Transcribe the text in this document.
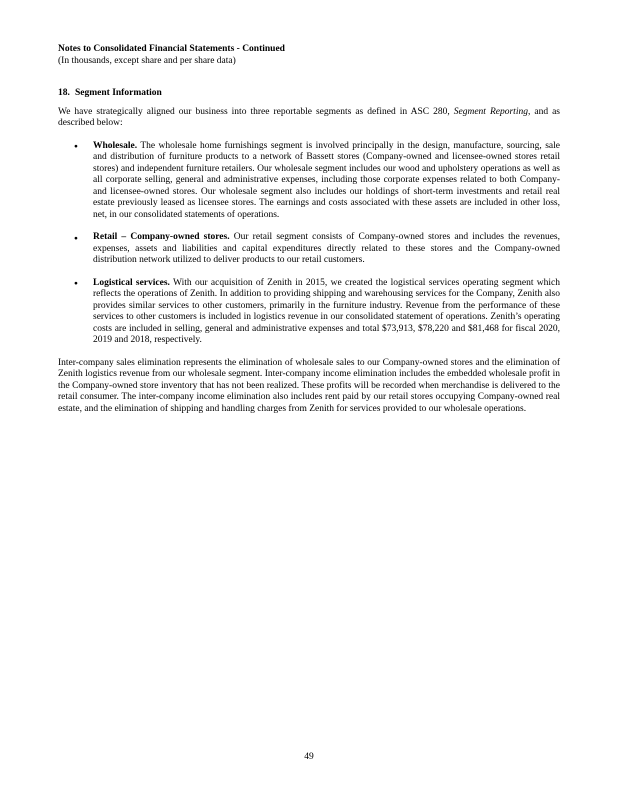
Notes to Consolidated Financial Statements - Continued
(In thousands, except share and per share data)
18. Segment Information

We have strategically aligned our business into three reportable segments as defined in ASC 280, Segment Reporting, and as described below:

● Wholesale. The wholesale home furnishings segment is involved principally in the design, manufacture, sourcing, sale and distribution of furniture products to a network of Bassett stores (Company-owned and licensee-owned stores retail stores) and independent furniture retailers. Our wholesale segment includes our wood and upholstery operations as well as all corporate selling, general and administrative expenses, including those corporate expenses related to both Company- and licensee-owned stores. Our wholesale segment also includes our holdings of short-term investments and retail real estate previously leased as licensee stores. The earnings and costs associated with these assets are included in other loss, net, in our consolidated statements of operations.
● Retail – Company-owned stores. Our retail segment consists of Company-owned stores and includes the revenues, expenses, assets and liabilities and capital expenditures directly related to these stores and the Company-owned distribution network utilized to deliver products to our retail customers.
● Logistical services. With our acquisition of Zenith in 2015, we created the logistical services operating segment which reflects the operations of Zenith. In addition to providing shipping and warehousing services for the Company, Zenith also provides similar services to other customers, primarily in the furniture industry. Revenue from the performance of these services to other customers is included in logistics revenue in our consolidated statement of operations. Zenith’s operating costs are included in selling, general and administrative expenses and total $73,913, $78,220 and $81,468 for fiscal 2020, 2019 and 2018, respectively.

Inter-company sales elimination represents the elimination of wholesale sales to our Company-owned stores and the elimination of Zenith logistics revenue from our wholesale segment. Inter-company income elimination includes the embedded wholesale profit in the Company-owned store inventory that has not been realized. These profits will be recorded when merchandise is delivered to the retail consumer. The inter-company income elimination also includes rent paid by our retail stores occupying Company-owned real estate, and the elimination of shipping and handling charges from Zenith for services provided to our wholesale operations.

49
